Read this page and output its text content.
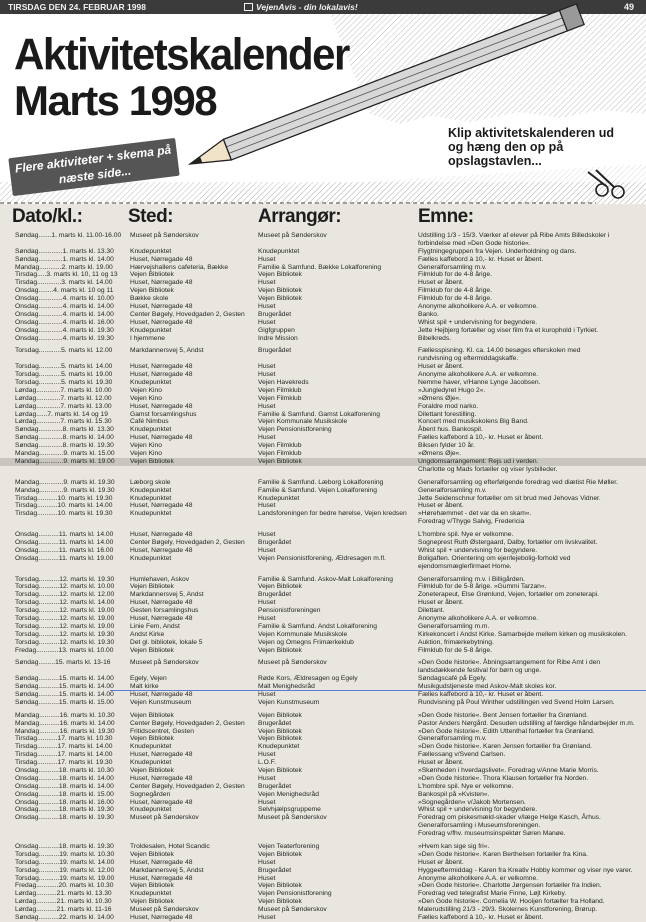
TIRSDAG DEN 24. FEBRUAR 1998	VejenAvis - din lokalavis!	49
Aktivitetskalender
Marts 1998
Klip aktivitetskalenderen ud og hæng den op på opslagstavlen...
Flere aktiviteter + skema på næste side...
Dato/kl.: Sted:	Arrangør:	Emne:
Søndag.......1. marts kl. 11.00-16.00 Museet på Sønderskov	Museet på Sønderskov	Udstilling 1/3 - 15/3. Værker af elever på Ribe Amts Billedskoler i
forbindelse med »Den Gode historie«.
Søndag.............1. marts kl. 13.30	Knudepunktet	Knudepunktet	Flygtningegruppen fra Vejen. Underholdning og dans.
Søndag.............1. marts kl. 14.00	Huset, Nørregade 48	Huset	Fælles kaffebord à 10,- kr. Huset er åbent.
Mandag............2. marts kl. 19.00	Hærvejshallens cafeteria, Bække	Familie & Samfund. Bække Lokalforening	Generalforsamling m.v.
Tirsdag.....3. marts kl. 10, 11 og 13 Vejen Bibliotek	Vejen Bibliotek	Filmklub for de 4-8 årige.
Tirsdag.............3. marts kl. 14.00	Huset, Nørregade 48	Huset	Huset er åbent.
Onsdag........4. marts kl. 10 og 11	Vejen Bibliotek	Vejen Bibliotek	Filmklub for de 4-8 årige.
Onsdag.............4. marts kl. 10.00	Bække skole	Vejen Bibliotek	Filmklub for de 4-8 årige.
Onsdag.............4. marts kl. 14.00	Huset, Nørregade 48	Huset	Anonyme alkoholikere A.A. er velkomne.
Onsdag.............4. marts kl. 14.00	Center Bøgely, Hovedgaden 2, Gesten	Brugerådet	Banko.
Onsdag.............4. marts kl. 16.00	Huset, Nørregade 48	Huset	Whist spil + undervisning for begyndere.
Onsdag.............4. marts kl. 19.30	Knudepunktet	Gigfgruppen	Jette Hejbjerg fortæller og viser film fra et kurophold i Tyrkiet.
Onsdag.............4. marts kl. 19.30	I hjemmene	Indre Mission	Bibelkreds.
Torsdag............5. marts kl. 12.00	Markdannersvej 5, Andst	Brugerådet	Fællesspisning. Kl. ca. 14.00 besøges efterskolen med
rundvisning og eftermiddagskaffe.
Torsdag............5. marts kl. 14.00	Huset, Nørregade 48	Huset	Huset er åbent.
Torsdag............5. marts kl. 19.00	Huset, Nørregade 48	Huset	Anonyme alkoholikere A.A. er velkomne.
Torsdag............5. marts kl. 19.30	Knudepunktet	Vejen Havekreds	Nemme haver, v/Hanne Lynge Jacobsen.
Lørdag.............7. marts kl. 10.00	Vejen Kino	Vejen Filmklub	»Jungledyret Hugo 2«.
Lørdag.............7. marts kl. 12.00	Vejen Kino	Vejen Filmklub	»Ømens Øje«.
Lørdag.............7. marts kl. 13.00	Huset, Nørregade 48	Huset	Foraldre mod narko.
Lørdag......7. marts kl. 14 og 19	Gamst forsamlingshus	Familie & Samfund. Gamst Lokalforening	Dilettant forestilling.
Lørdag.............7. marts kl. 15.30	Café Nimbus	Vejen Kommunale Musikskole	Koncert med musikskolens Big Band.
Søndag.............8. marts kl. 13.30	Knudepunktet	Vejen Pensionistforening	Åbent hus. Bankospil.
Søndag.............8. marts kl. 14.00	Huset, Nørregade 48	Huset	Fælles kaffebord à 10,- kr. Huset er åbent.
Søndag.............8. marts kl. 19.30	Vejen Kino	Vejen Filmklub	Biksen fylder 10 år.
Mandag.............9. marts kl. 15.00	Vejen Kino	Vejen Filmklub	»Ømens Øje«.
Mandag.............9. marts kl. 19.00	Vejen Bibliotek	Vejen Bibliotek	Ungdomsarrangement: Rejs ud i verden.
Charlotte og Mads fortæller og viser lysbilleder.
Mandag.............9. marts kl. 19.30	Læborg skole	Familie & Samfund. Læborg Lokalforening	Generalforsamling og efterfølgende foredrag ved diætist Rie Møller.
Mandag.............9. marts kl. 19.30	Knudepunktet	Familie & Samfund. Vejen Lokalforening	Generalforsamling m.v.
Tirsdag...........10. marts kl. 19.30	Knudepunktet	Knudepunktet	Jette Seidenschnur fortæller om sit brud med Jehovas Vidner.
Tirsdag...........10. marts kl. 14.00	Huset, Nørregade 48	Huset	Huset er åbent.
Tirsdag...........10. marts kl. 19.30	Knudepunktet	Landsforeningen for bedre hørelse, Vejen kredsen	»Hørehæmmet - det var da en skam«.
Foredrag v/Thyge Salvig, Fredericia
Onsdag...........11. marts kl. 14.00	Huset, Nørregade 48	Huset	L'hombre spil. Nye er velkomne.
Onsdag...........11. marts kl. 14.00	Center Bøgely, Hovedgaden 2, Gesten	Brugerådet	Sogneprest Ruth Østergaard, Dalby, fortæller om livskvalitet.
Onsdag...........11. marts kl. 16.00	Huset, Nørregade 48	Huset	Whist spil + undervisning for begyndere.
Onsdag...........11. marts kl. 19.00	Knudepunktet	Vejen Pensionistforening, Ældresagen m.fl.	Boligaften. Orientering om ejer/lejebolig-forhold ved
ejendomsmæglerfirmaet Home.
Torsdag...........12. marts kl. 19.30	Humlehaven, Askov	Familie & Samfund. Askov-Malt Lokalforening	Generalforsamling m.v. i Billigården.
Torsdag...........12. marts kl. 10.00	Vejen Bibliotek	Vejen Bibliotek	Filmklub for de 5-8 årige. »Gummi Tarzan«.
Torsdag...........12. marts kl. 12.00	Markdannersvej 5, Andst	Brugerådet	Zoneterapeut, Else Grønlund, Vejen, fortæller om zoneterapi.
Torsdag...........12. marts kl. 14.00	Huset, Nørregade 48	Huset	Huset er åbent.
Torsdag...........12. marts kl. 19.00	Gesten forsamlingshus	Pensionistforeningen	Dilettant.
Torsdag...........12. marts kl. 19.00	Huset, Nørregade 48	Huset	Anonyme alkoholikere A.A. er velkomne.
Torsdag...........12. marts kl. 19.00	Linie Fem, Andst	Familie & Samfund. Andst Lokalforening	Generalforsamling m.m.
Torsdag...........12. marts kl. 19.30	Andst Kirke	Vejen Kommunale Musikskole	Kirkekoncert i Andst Kirke. Samarbejde mellem kirken og musikskolen.
Torsdag...........12. marts kl. 19.30	Det gl. bibliotek, lokale 5	Vejen og Omegns Frimærkeklub	Auktion, frimærkebytning.
Fredag............13. marts kl. 10.00	Vejen Bibliotek	Vejen Bibliotek	Filmklub for de 5-8 årige.
Søndag.........15. marts kl. 13-16	Museet på Sønderskov	Museet på Sønderskov	»Den Gode historie«. Åbningsarrangement for Ribe Amt i den
landsdækkende festival for børn og unge.
Søndag...........15. marts kl. 14.00	Egely, Vejen	Røde Kors, Ældresagen og Egely	Søndagscafé på Egely.
Søndag...........15. marts kl. 14.00	Malt kirke	Malt Menighedsråd	Musikgudstjeneste med Askov-Malt skoles kor.
Søndag...........15. marts kl. 14.00	Huset, Nørregade 48	Huset	Fælles kaffebord à 10,- kr. Huset er åbent.
Søndag...........15. marts kl. 15.00	Vejen Kunstmuseum	Vejen Kunstmuseum	Rundvisning på Poul Winther udstillingen ved Svend Holm Larsen.
Mandag...........16. marts kl. 10.30	Vejen Bibliotek	Vejen Bibliotek	»Den Gode historie«. Bent Jensen fortæller fra Grønland.
Mandag...........16. marts kl. 14.00	Center Bøgely, Hovedgaden 2, Gesten	Brugerådet	Pastor Anders Nørgård. Desuden udstilling af færdige håndarbejder m.m.
Mandag...........16. marts kl. 19.30	Fritidscentret, Gesten	Vejen Bibliotek	»Den Gode historie«. Edith Uttenthal fortæller fra Grønland.
Tirsdag...........17. marts kl. 10.30	Vejen Bibliotek	Vejen Bibliotek	Generalforsamling m.v.
Tirsdag...........17. marts kl. 14.00	Knudepunktet	Knudepunktet	»Den Gode historie«. Karen Jensen fortæller fra Grønland.
Tirsdag...........17. marts kl. 14.00	Huset, Nørregade 48	Huset	Fællessang v/Svend Carlsen.
Tirsdag...........17. marts kl. 19.30	Knudepunktet	L.O.F.	Huset er åbent.
Onsdag...........18. marts kl. 10.30	Vejen Bibliotek	Vejen Bibliotek	»Skønheden i hverdagslivet«. Foredrag v/Anne Marie Morris.
Onsdag...........18. marts kl. 14.00	Huset, Nørregade 48	Huset	»Den Gode historie«. Thora Klausen fortæller fra Norden.
Onsdag...........18. marts kl. 14.00	Center Bøgely, Hovedgaden 2, Gesten	Brugerådet	L'hombre spil. Nye er velkomne.
Onsdag...........18. marts kl. 15.00	Sognegården	Vejen Menighedsråd	Bankospil på »Kvisten«.
Onsdag...........18. marts kl. 16.00	Huset, Nørregade 48	Huset	»Sognegården« v/Jakob Mortensen.
Onsdag...........18. marts kl. 19.30	Knudepunktet	Selvhjælpsgruppeme	Whist spil + undervisning for begyndere.
Onsdag...........18. marts kl. 19.30	Museet på Sønderskov	Museet på Sønderskov	Foredrag om piskesmæld-skader v/læge Helge Kasch, Århus.
Generalforsamling i Museumsforeningen.
Foredrag v/fhv. museumsinspektør Søren Manøe.
Onsdag...........18. marts kl. 19.30	Troldesalen, Hotel Scandic	Vejen Teaterforening	»Hvem kan sige sig fri«.
Torsdag...........19. marts kl. 10.30	Vejen Bibliotek	Vejen Bibliotek	»Den Gode historie«. Karen Berthelsen fortæller fra Kina.
Torsdag...........19. marts kl. 14.00	Huset, Nørregade 48	Huset	Huset er åbent.
Torsdag...........19. marts kl. 12.00	Markdannersvej 5, Andst	Brugerådet	Hyggeeftermiddag - Karen fra Kreativ Hobby kommer og viser nye varer.
Torsdag...........19. marts kl. 19.00	Huset, Nørregade 48	Huset	Anonyme alkoholikere A.A. er velkomne.
Fredag............20. marts kl. 10.30	Vejen Bibliotek	Vejen Bibliotek	»Den Gode historie«. Charlotte Jørgensen fortæller fra Indien.
Lørdag...........21. marts kl. 13.30	Knudepunktet	Vejen Pensionistforening	Foredrag ved telegrafist Marie Finne, Løjt Kirkeby.
Lørdag...........21. marts kl. 10.30	Vejen Bibliotek	Vejen Bibliotek	»Den Gode historie«. Cornelia W. Hooijen fortæller fra Holland.
Lørdag...........21. marts kl. 11-16	Museet på Sønderskov	Museet på Sønderskov	Malerudstilling 21/3 - 29/3. Skolernes Kunstforening, Brørup.
Søndag...........22. marts kl. 14.00	Huset, Nørregade 48	Huset	Fælles kaffebord à 10,- kr. Huset er åbent.
